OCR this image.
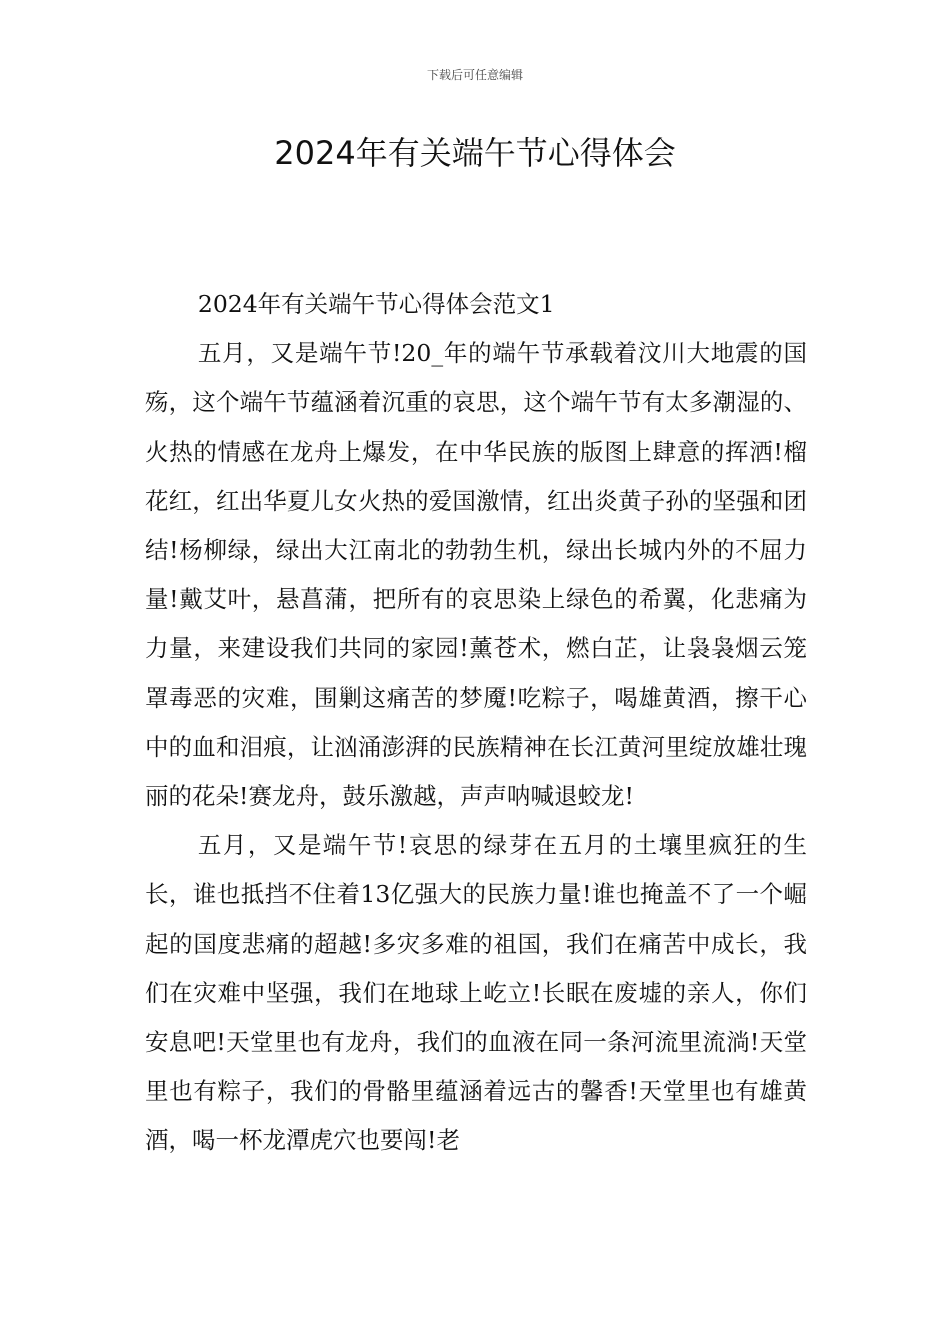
下载后可任意编辑
2024年有关端午节心得体会

2024年有关端午节心得体会范文1

五月，又是端午节!20_年的端午节承载着汶川大地震的国殇，这个端午节蕴涵着沉重的哀思，这个端午节有太多潮湿的、火热的情感在龙舟上爆发，在中华民族的版图上肆意的挥洒!榴花红，红出华夏儿女火热的爱国激情，红出炎黄子孙的坚强和团结!杨柳绿，绿出大江南北的勃勃生机，绿出长城内外的不屈力量!戴艾叶，悬菖蒲，把所有的哀思染上绿色的希翼，化悲痛为力量，来建设我们共同的家园!薰苍术，燃白芷，让袅袅烟云笼罩毒恶的灾难，围剿这痛苦的梦魇!吃粽子，喝雄黄酒，擦干心中的血和泪痕，让汹涌澎湃的民族精神在长江黄河里绽放雄壮瑰丽的花朵!赛龙舟，鼓乐激越，声声呐喊退蛟龙!

五月，又是端午节!哀思的绿芽在五月的土壤里疯狂的生长，谁也抵挡不住着13亿强大的民族力量!谁也掩盖不了一个崛起的国度悲痛的超越!多灾多难的祖国，我们在痛苦中成长，我们在灾难中坚强，我们在地球上屹立!长眠在废墟的亲人，你们安息吧!天堂里也有龙舟，我们的血液在同一条河流里流淌!天堂里也有粽子，我们的骨骼里蕴涵着远古的馨香!天堂里也有雄黄酒，喝一杯龙潭虎穴也要闯!老
